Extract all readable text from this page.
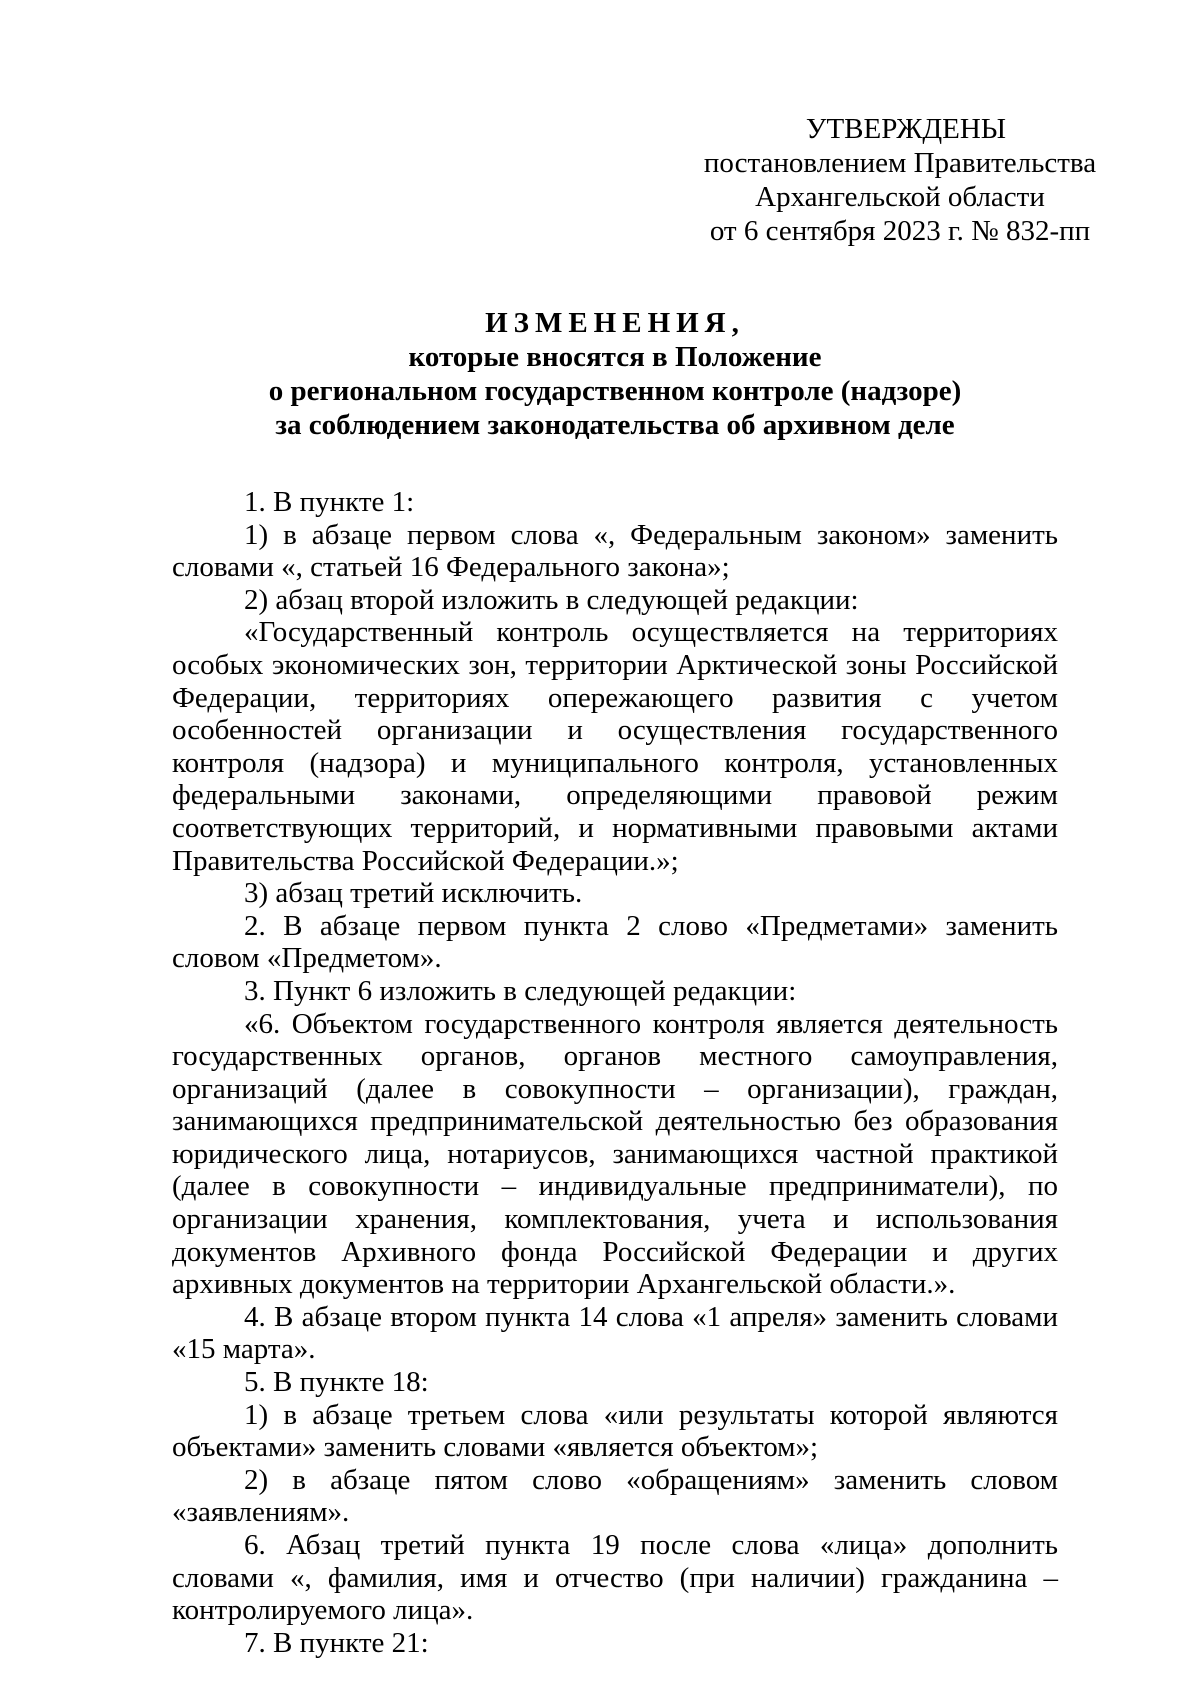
УТВЕРЖДЕНЫ
постановлением Правительства
Архангельской области
от 6 сентября 2023 г. № 832-пп
ИЗМЕНЕНИЯ,
которые вносятся в Положение
о региональном государственном контроле (надзоре)
за соблюдением законодательства об архивном деле

1. В пункте 1:

1) в абзаце первом слова «, Федеральным законом» заменить словами «, статьей 16 Федерального закона»;

2) абзац второй изложить в следующей редакции:

«Государственный контроль осуществляется на территориях особых экономических зон, территории Арктической зоны Российской Федерации, территориях опережающего развития с учетом особенностей организации и осуществления государственного контроля (надзора) и муниципального контроля, установленных федеральными законами, определяющими правовой режим соответствующих территорий, и нормативными правовыми актами Правительства Российской Федерации.»;

3) абзац третий исключить.

2. В абзаце первом пункта 2 слово «Предметами» заменить словом «Предметом».

3. Пункт 6 изложить в следующей редакции:

«6. Объектом государственного контроля является деятельность государственных органов, органов местного самоуправления, организаций (далее в совокупности – организации), граждан, занимающихся предпринимательской деятельностью без образования юридического лица, нотариусов, занимающихся частной практикой (далее в совокупности – индивидуальные предприниматели), по организации хранения, комплектования, учета и использования документов Архивного фонда Российской Федерации и других архивных документов на территории Архангельской области.».

4. В абзаце втором пункта 14 слова «1 апреля» заменить словами «15 марта».

5. В пункте 18:

1) в абзаце третьем слова «или результаты которой являются объектами» заменить словами «является объектом»;

2) в абзаце пятом слово «обращениям» заменить словом «заявлениям».

6. Абзац третий пункта 19 после слова «лица» дополнить словами «, фамилия, имя и отчество (при наличии) гражданина – контролируемого лица».

7. В пункте 21:
